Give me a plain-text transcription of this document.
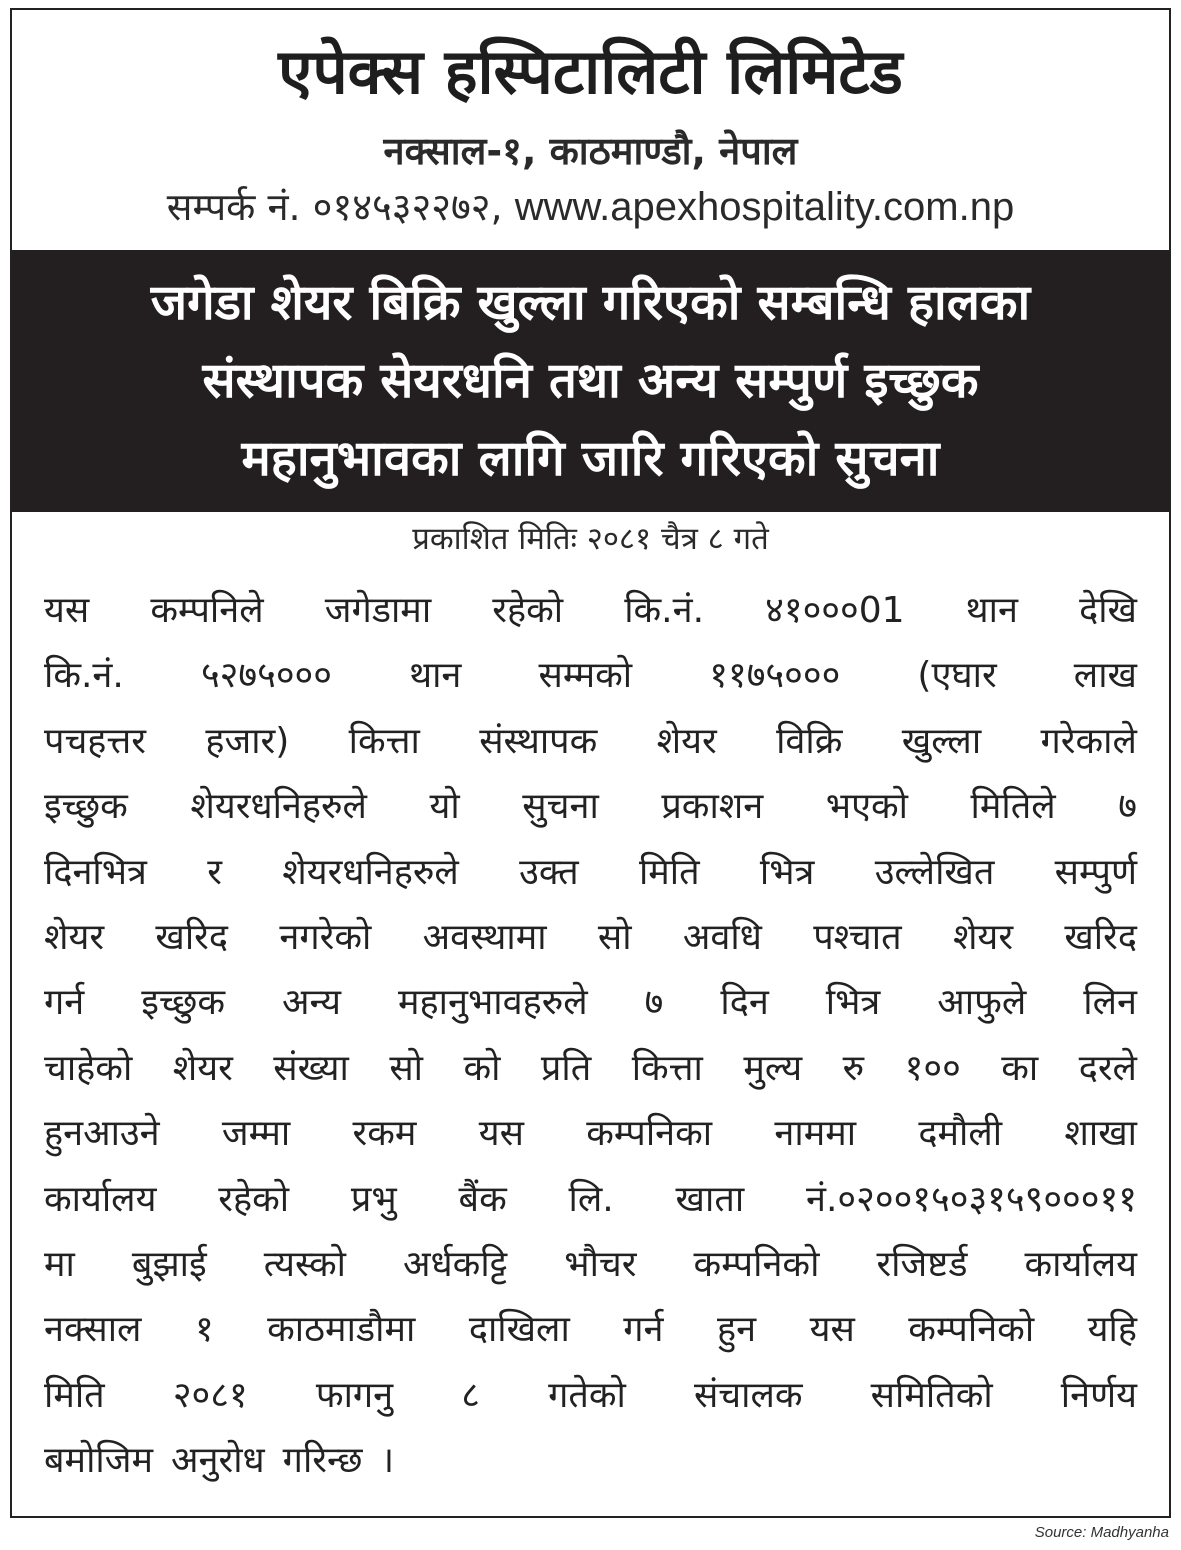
एपेक्स हस्पिटालिटी लिमिटेड
नक्साल-१, काठमाण्डौ, नेपाल
सम्पर्क नं. ०१४५३२२७२, www.apexhospitality.com.np
जगेडा शेयर बिक्रि खुल्ला गरिएको सम्बन्धि हालका
संस्थापक सेयरधनि तथा अन्य सम्पुर्ण इच्छुक
महानुभावका लागि जारि गरिएको सुचना
प्रकाशित मितिः २०८१ चैत्र ८ गते
यस कम्पनिले जगेडामा रहेको कि.नं. ४१०००01 थान देखि
कि.नं. ५२७५००० थान सम्मको ११७५००० (एघार लाख
पचहत्तर हजार) कित्ता संस्थापक शेयर विक्रि खुल्ला गरेकाले
इच्छुक शेयरधनिहरुले यो सुचना प्रकाशन भएको मितिले ७
दिनभित्र र शेयरधनिहरुले उक्त मिति भित्र उल्लेखित सम्पुर्ण
शेयर खरिद नगरेको अवस्थामा सो अवधि पश्चात शेयर खरिद
गर्न इच्छुक अन्य महानुभावहरुले ७ दिन भित्र आफुले लिन
चाहेको शेयर संख्या सो को प्रति कित्ता मुल्य रु १०० का दरले
हुनआउने जम्मा रकम यस कम्पनिका नाममा दमौली शाखा
कार्यालय रहेको प्रभु बैंक लि. खाता नं.०२००१५०३१५९०००११
मा बुझाई त्यस्को अर्धकट्टि भौचर कम्पनिको रजिष्टर्ड कार्यालय
नक्साल १ काठमाडौमा दाखिला गर्न हुन यस कम्पनिको यहि
मिति २०८१ फागनु ८ गतेको संचालक समितिको निर्णय
बमोजिम अनुरोध गरिन्छ ।
Source: Madhyanha
